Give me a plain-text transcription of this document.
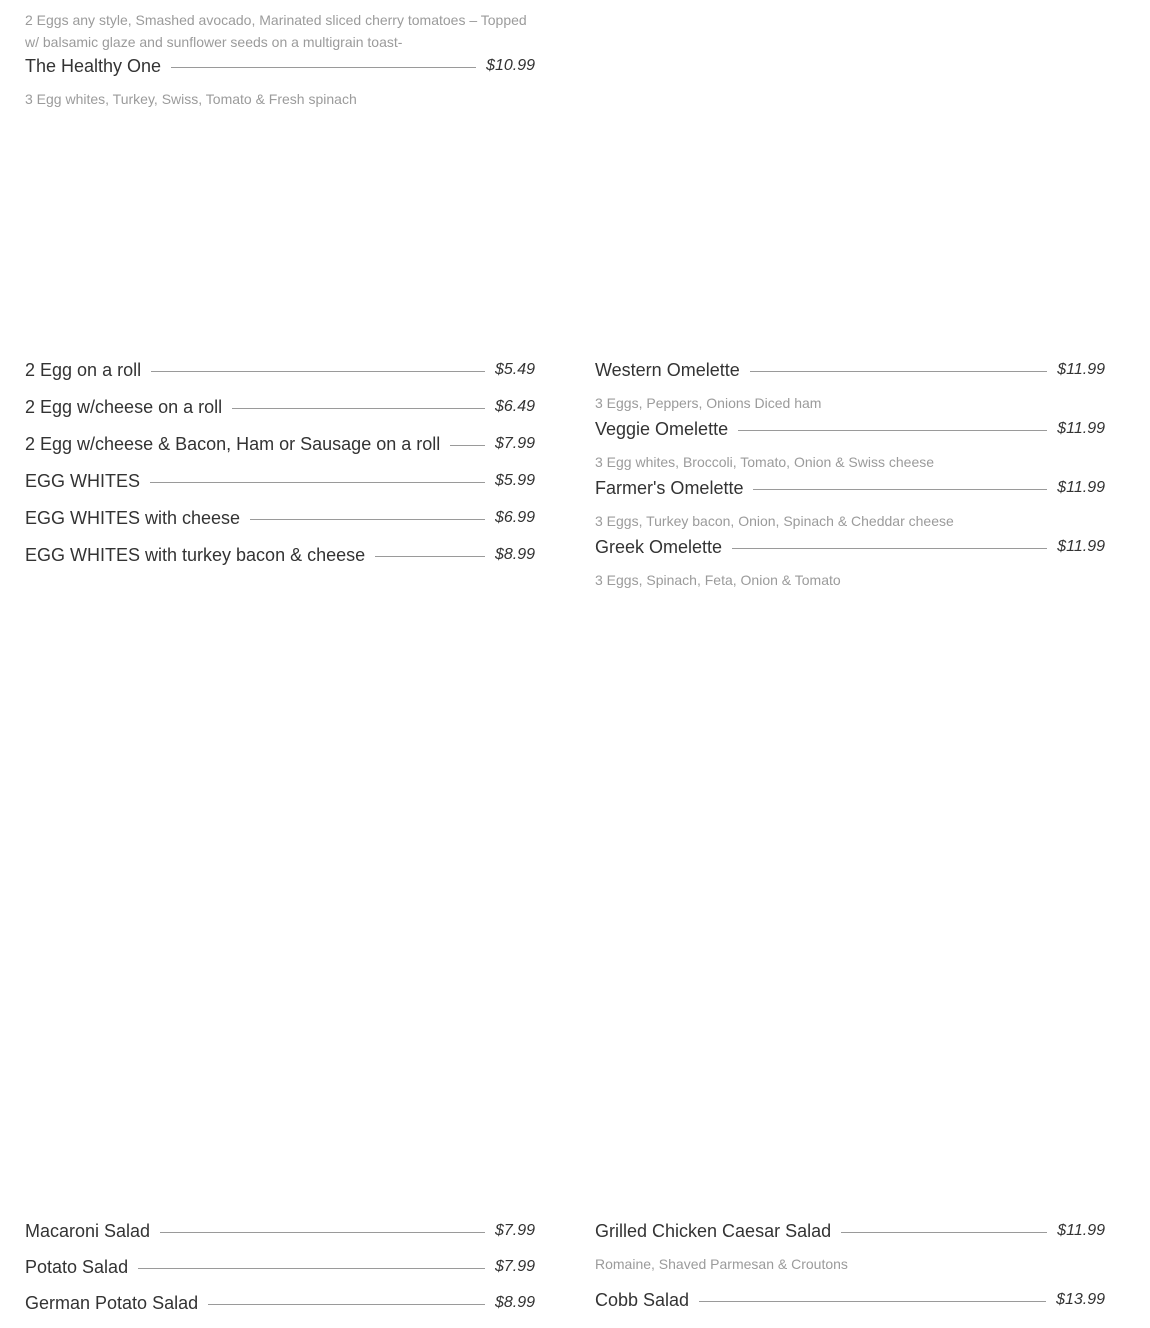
2 Eggs any style, Smashed avocado, Marinated sliced cherry tomatoes – Topped w/ balsamic glaze and sunflower seeds on a multigrain toast-
The Healthy One	$10.99
3 Egg whites, Turkey, Swiss, Tomato & Fresh spinach
2 Egg on a roll	$5.49
2 Egg w/cheese on a roll	$6.49
2 Egg w/cheese & Bacon, Ham or Sausage on a roll	$7.99
EGG WHITES	$5.99
EGG WHITES with cheese	$6.99
EGG WHITES with turkey bacon & cheese	$8.99
Western Omelette	$11.99
3 Eggs, Peppers, Onions Diced ham
Veggie Omelette	$11.99
3 Egg whites, Broccoli, Tomato, Onion & Swiss cheese
Farmer's Omelette	$11.99
3 Eggs, Turkey bacon, Onion, Spinach & Cheddar cheese
Greek Omelette	$11.99
3 Eggs, Spinach, Feta, Onion & Tomato
Macaroni Salad	$7.99
Potato Salad	$7.99
German Potato Salad	$8.99
Grilled Chicken Caesar Salad	$11.99
Romaine, Shaved Parmesan & Croutons
Cobb Salad	$13.99
